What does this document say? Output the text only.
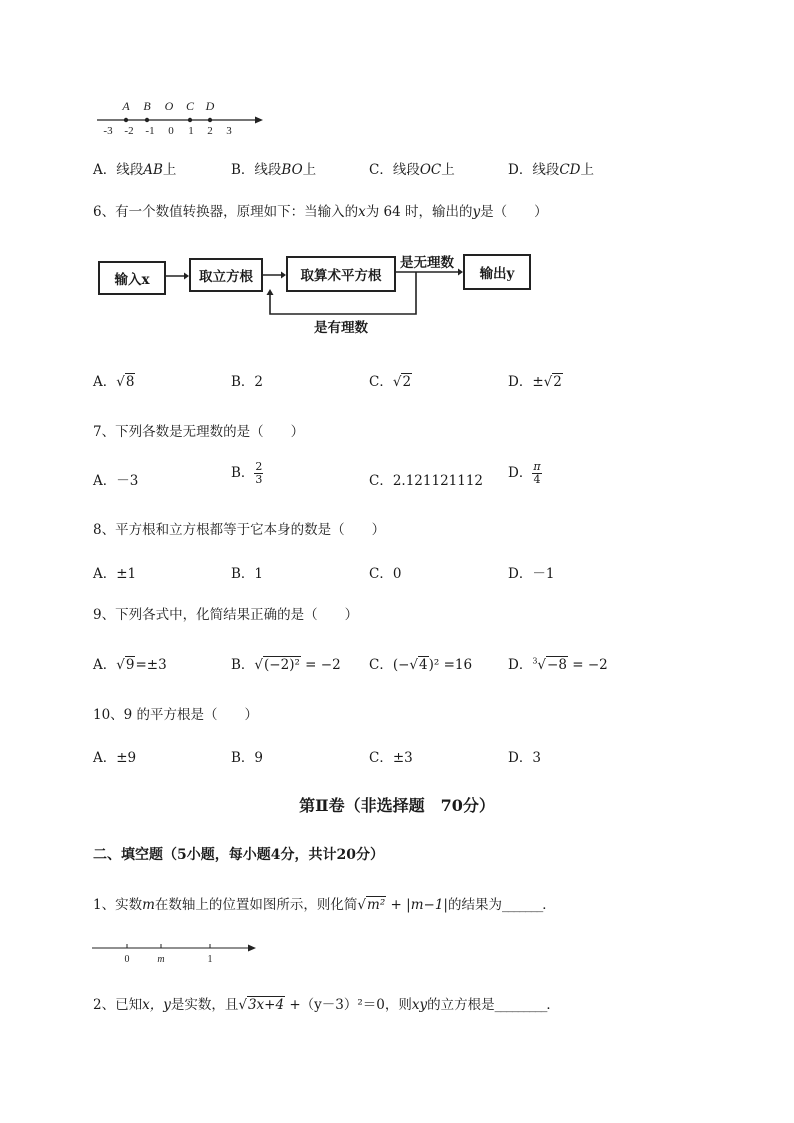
A B O C D
-3 -2 -1 0 1 2 3
A．线段AB上	B．线段BO上	C．线段OC上	D．线段CD上
6、有一个数值转换器，原理如下：当输入的x为 64 时，输出的y是（　　）
输入x	取立方根	取算术平方根	输出y
是无理数
是有理数
A．√8	B．2	C．√2	D．±√2
7、下列各数是无理数的是（　　）
A．－3	B． $\frac{2}{3}$	C．2.121121112 D． $\frac{\pi}{4}$
8、平方根和立方根都等于它本身的数是（　　）
A．±1	B．1	C．0	D．－1
9、下列各式中，化简结果正确的是（　　）
A．√9=±3	B．√(−2)² = −2 C．(−√4)² =16	D．$^3$√−8 = −2
10、9 的平方根是（　　）
A．±9	B．9	C．±3	D．3
第Ⅱ卷（非选择题　70分）
二、填空题（5小题，每小题4分，共计20分）
1、实数m在数轴上的位置如图所示，则化简√m² + |m−1|的结果为_______．
0	m	1
2、已知x，y是实数，且√3x+4 +（y－3）²＝0，则xy的立方根是_________．
